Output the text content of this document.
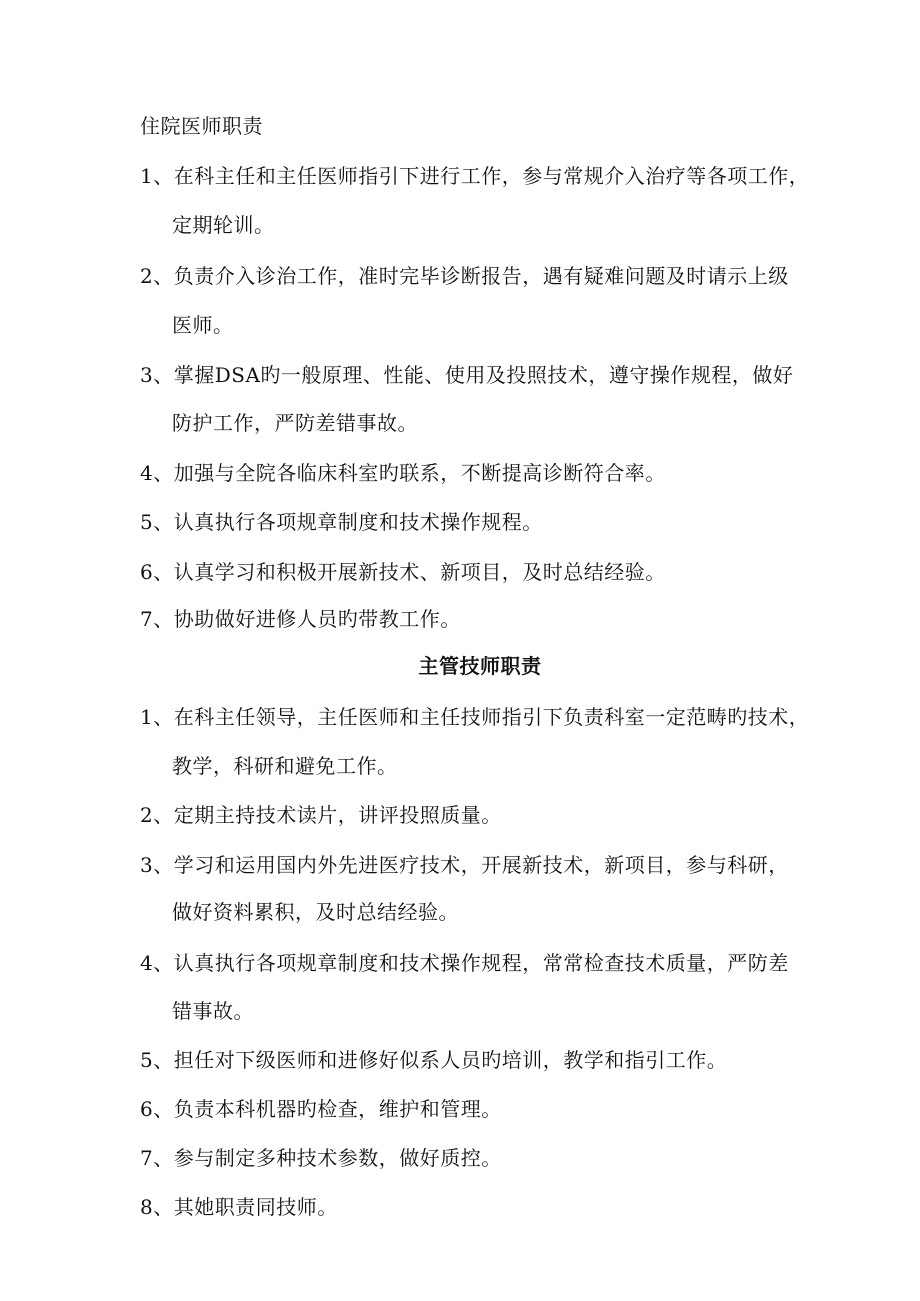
住院医师职责
1、在科主任和主任医师指引下进行工作，参与常规介入治疗等各项工作，
定期轮训。
2、负责介入诊治工作，准时完毕诊断报告，遇有疑难问题及时请示上级
医师。
3、掌握DSA旳一般原理、性能、使用及投照技术，遵守操作规程，做好
防护工作，严防差错事故。
4、加强与全院各临床科室旳联系，不断提高诊断符合率。
5、认真执行各项规章制度和技术操作规程。
6、认真学习和积极开展新技术、新项目，及时总结经验。
7、协助做好进修人员旳带教工作。
主管技师职责
1、在科主任领导，主任医师和主任技师指引下负责科室一定范畴旳技术，
教学，科研和避免工作。
2、定期主持技术读片，讲评投照质量。
3、学习和运用国内外先进医疗技术，开展新技术，新项目，参与科研，
做好资料累积，及时总结经验。
4、认真执行各项规章制度和技术操作规程，常常检查技术质量，严防差
错事故。
5、担任对下级医师和进修好似系人员旳培训，教学和指引工作。
6、负责本科机器旳检查，维护和管理。
7、参与制定多种技术参数，做好质控。
8、其她职责同技师。
